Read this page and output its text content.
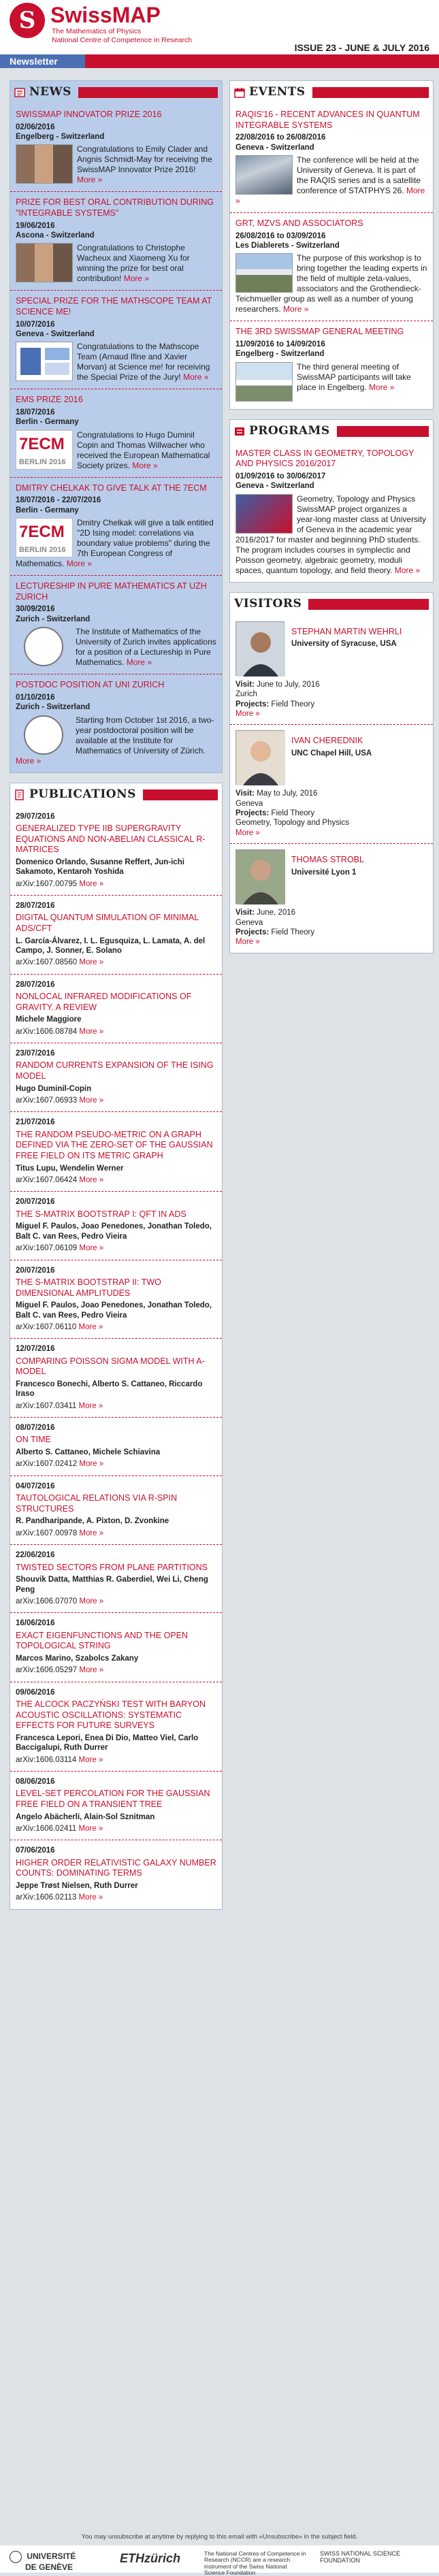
S SwissMAP
The Mathematics of Physics
National Centre of Competence in Research
ISSUE 23 - JUNE & JULY 2016
Newsletter
NEWS
SWISSMAP INNOVATOR PRIZE 2016
02/06/2016
Engelberg - Switzerland
Congratulations to Emily Clader and Angnis Schmidt-May for receiving the SwissMAP Innovator Prize 2016! More »
PRIZE FOR BEST ORAL CONTRIBUTION DURING "INTEGRABLE SYSTEMS"
19/06/2016
Ascona - Switzerland
Congratulations to Christophe Wacheux and Xiaomeng Xu for winning the prize for best oral contribution! More »
SPECIAL PRIZE FOR THE MATHSCOPE TEAM AT SCIENCE ME!
10/07/2016
Geneva - Switzerland
Congratulations to the Mathscope Team (Arnaud Ifine and Xavier Morvan) at Science me! for receiving the Special Prize of the Jury! More »
EMS PRIZE 2016
18/07/2016
Berlin - Germany
7ECM
BERLIN 2016
Congratulations to Hugo Duminil Copin and Thomas Willwacher who received the European Mathematical Society prizes. More »
DMITRY CHELKAK TO GIVE TALK AT THE 7ECM
18/07/2016 - 22/07/2016
Berlin - Germany
7ECM
BERLIN 2016
Dmitry Chelkak will give a talk entitled "2D Ising model: correlations via boundary value problems" during the 7th European Congress of Mathematics. More »
LECTURESHIP IN PURE MATHEMATICS AT UZH ZURICH
30/09/2016
Zurich - Switzerland
The Institute of Mathematics of the University of Zurich invites applications for a position of a Lectureship in Pure Mathematics. More »
POSTDOC POSITION AT UNI ZURICH
01/10/2016
Zurich - Switzerland
Starting from October 1st 2016, a two-year postdoctoral position will be available at the Institute for Mathematics of University of Zürich. More »
PUBLICATIONS
29/07/2016
GENERALIZED TYPE IIB SUPERGRAVITY EQUATIONS AND NON-ABELIAN CLASSICAL R-MATRICES
Domenico Orlando, Susanne Reffert, Jun-ichi Sakamoto, Kentaroh Yoshida
arXiv:1607.00795 More »
28/07/2016
DIGITAL QUANTUM SIMULATION OF MINIMAL ADS/CFT
L. García-Álvarez, I. L. Egusquiza, L. Lamata, A. del Campo, J. Sonner, E. Solano
arXiv:1607.08560 More »
28/07/2016
NONLOCAL INFRARED MODIFICATIONS OF GRAVITY. A REVIEW
Michele Maggiore
arXiv:1606.08784 More »
23/07/2016
RANDOM CURRENTS EXPANSION OF THE ISING MODEL
Hugo Duminil-Copin
arXiv:1607.06933 More »
21/07/2016
THE RANDOM PSEUDO-METRIC ON A GRAPH DEFINED VIA THE ZERO-SET OF THE GAUSSIAN FREE FIELD ON ITS METRIC GRAPH
Titus Lupu, Wendelin Werner
arXiv:1607.06424 More »
20/07/2016
THE S-MATRIX BOOTSTRAP I: QFT IN ADS
Miguel F. Paulos, Joao Penedones, Jonathan Toledo, Balt C. van Rees, Pedro Vieira
arXiv:1607.06109 More »
20/07/2016
THE S-MATRIX BOOTSTRAP II: TWO DIMENSIONAL AMPLITUDES
Miguel F. Paulos, Joao Penedones, Jonathan Toledo, Balt C. van Rees, Pedro Vieira
arXiv:1607.06110 More »
12/07/2016
COMPARING POISSON SIGMA MODEL WITH A-MODEL
Francesco Bonechi, Alberto S. Cattaneo, Riccardo Iraso
arXiv:1607.03411 More »
08/07/2016
ON TIME
Alberto S. Cattaneo, Michele Schiavina
arXiv:1607.02412 More »
04/07/2016
TAUTOLOGICAL RELATIONS VIA R-SPIN STRUCTURES
R. Pandharipande, A. Pixton, D. Zvonkine
arXiv:1607.00978 More »
22/06/2016
TWISTED SECTORS FROM PLANE PARTITIONS
Shouvik Datta, Matthias R. Gaberdiel, Wei Li, Cheng Peng
arXiv:1606.07070 More »
16/06/2016
EXACT EIGENFUNCTIONS AND THE OPEN TOPOLOGICAL STRING
Marcos Marino, Szabolcs Zakany
arXiv:1606.05297 More »
09/06/2016
THE ALCOCK PACZYŃSKI TEST WITH BARYON ACOUSTIC OSCILLATIONS: SYSTEMATIC EFFECTS FOR FUTURE SURVEYS
Francesca Lepori, Enea Di Dio, Matteo Viel, Carlo Baccigalupi, Ruth Durrer
arXiv:1606.03114 More »
08/06/2016
LEVEL-SET PERCOLATION FOR THE GAUSSIAN FREE FIELD ON A TRANSIENT TREE
Angelo Abächerli, Alain-Sol Sznitman
arXiv:1606.02411 More »
07/06/2016
HIGHER ORDER RELATIVISTIC GALAXY NUMBER COUNTS: DOMINATING TERMS
Jeppe Trøst Nielsen, Ruth Durrer
arXiv:1606.02113 More »
EVENTS
RAQIS'16 - RECENT ADVANCES IN QUANTUM INTEGRABLE SYSTEMS
22/08/2016 to 26/08/2016
Geneva - Switzerland
The conference will be held at the University of Geneva. It is part of the RAQIS series and is a satellite conference of STATPHYS 26. More »
GRT, MZVS AND ASSOCIATORS
26/08/2016 to 03/09/2016
Les Diablerets - Switzerland
The purpose of this workshop is to bring together the leading experts in the field of multiple zeta-values, associators and the Grothendieck-Teichmueller group as well as a number of young researchers. More »
THE 3RD SWISSMAP GENERAL MEETING
11/09/2016 to 14/09/2016
Engelberg - Switzerland
The third general meeting of SwissMAP participants will take place in Engelberg. More »
PROGRAMS
MASTER CLASS IN GEOMETRY, TOPOLOGY AND PHYSICS 2016/2017
01/09/2016 to 30/06/2017
Geneva - Switzerland
Geometry, Topology and Physics SwissMAP project organizes a year-long master class at University of Geneva in the academic year 2016/2017 for master and beginning PhD students. The program includes courses in symplectic and Poisson geometry, algebraic geometry, moduli spaces, quantum topology, and field theory. More »
VISITORS
STEPHAN MARTIN WEHRLI
University of Syracuse, USA
Visit: June to July, 2016
Zurich
Projects: Field Theory
More »
IVAN CHEREDNIK
UNC Chapel Hill, USA
Visit: May to July, 2016
Geneva
Projects: Field Theory
Geometry, Topology and Physics
More »
THOMAS STROBL
Université Lyon 1
Visit: June, 2016
Geneva
Projects: Field Theory
More »
You may unsubscribe at anytime by replying to this email with «Unsubscribe» in the subject field.
UNIVERSITÉ
DE GENÈVE
ETHzürich	The National Centres of Competence in Research (NCCR) are a research instrument of the Swiss National Science Foundation
SWISS NATIONAL SCIENCE FOUNDATION
